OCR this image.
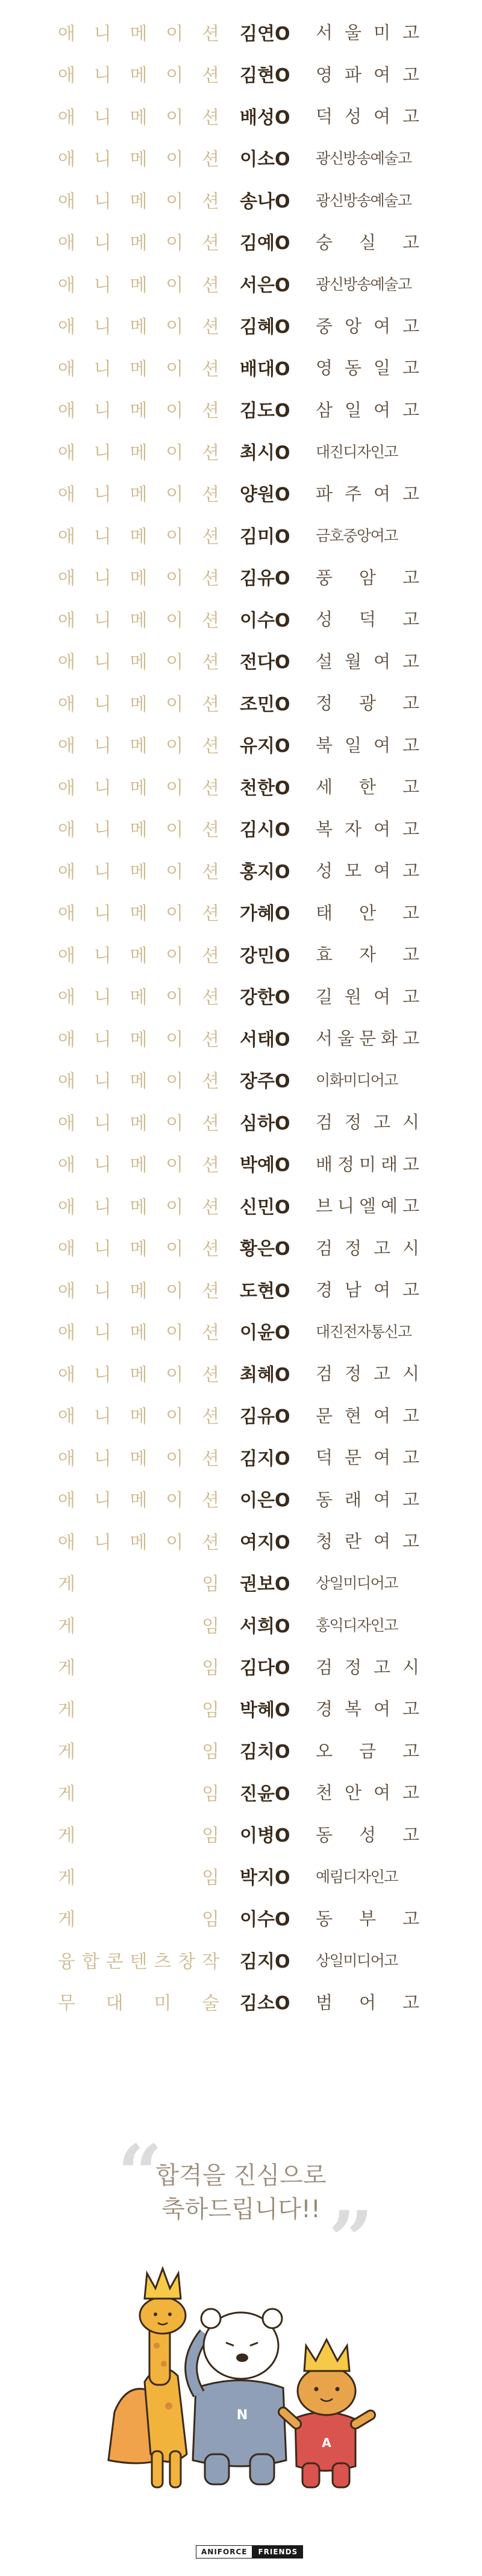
애 니 메 이 션 김연O 서 울 미 고
애 니 메 이 션 김현O 영 파 여 고
애 니 메 이 션 배성O 덕 성 여 고
애 니 메 이 션 이소O 광신방송예술고
애 니 메 이 션 송나O 광신방송예술고
애 니 메 이 션 김예O 숭 실 고
애 니 메 이 션 서은O 광신방송예술고
애 니 메 이 션 김혜O 중 앙 여 고
애 니 메 이 션 배대O 영 동 일 고
애 니 메 이 션 김도O 삼 일 여 고
애 니 메 이 션 최시O 대진디자인고
애 니 메 이 션 양원O 파 주 여 고
애 니 메 이 션 김미O 금호중앙여고
애 니 메 이 션 김유O 풍 암 고
애 니 메 이 션 이수O 성 덕 고
애 니 메 이 션 전다O 설 월 여 고
애 니 메 이 션 조민O 정 광 고
애 니 메 이 션 유지O 북 일 여 고
애 니 메 이 션 천한O 세 한 고
애 니 메 이 션 김시O 복 자 여 고
애 니 메 이 션 홍지O 성 모 여 고
애 니 메 이 션 가혜O 태 안 고
애 니 메 이 션 강민O 효 자 고
애 니 메 이 션 강한O 길 원 여 고
애 니 메 이 션 서태O 서 울 문 화 고
애 니 메 이 션 장주O 이화미디어고
애 니 메 이 션 심하O 검 정 고 시
애 니 메 이 션 박예O 배 정 미 래 고
애 니 메 이 션 신민O 브 니 엘 예 고
애 니 메 이 션 황은O 검 정 고 시
애 니 메 이 션 도현O 경 남 여 고
애 니 메 이 션 이윤O 대진전자통신고
애 니 메 이 션 최혜O 검 정 고 시
애 니 메 이 션 김유O 문 현 여 고
애 니 메 이 션 김지O 덕 문 여 고
애 니 메 이 션 이은O 동 래 여 고
애 니 메 이 션 여지O 청 란 여 고
게	임 권보O 상일미디어고
게	임 서희O 홍익디자인고
게	임 김다O 검 정 고 시
게	임 박혜O 경 복 여 고
게	임 김치O 오 금 고
게	임 진윤O 천 안 여 고
게	임 이병O 동 성 고
게	임 박지O 예림디자인고
게	임 이수O 동 부 고
융 합 콘 텐 츠 창 작 김지O 상일미디어고
무 대 미 술 김소O 범 어 고
“
합격을 진심으로
축하드립니다!! ”
N
A
ANIFORCE	FRIENDS
